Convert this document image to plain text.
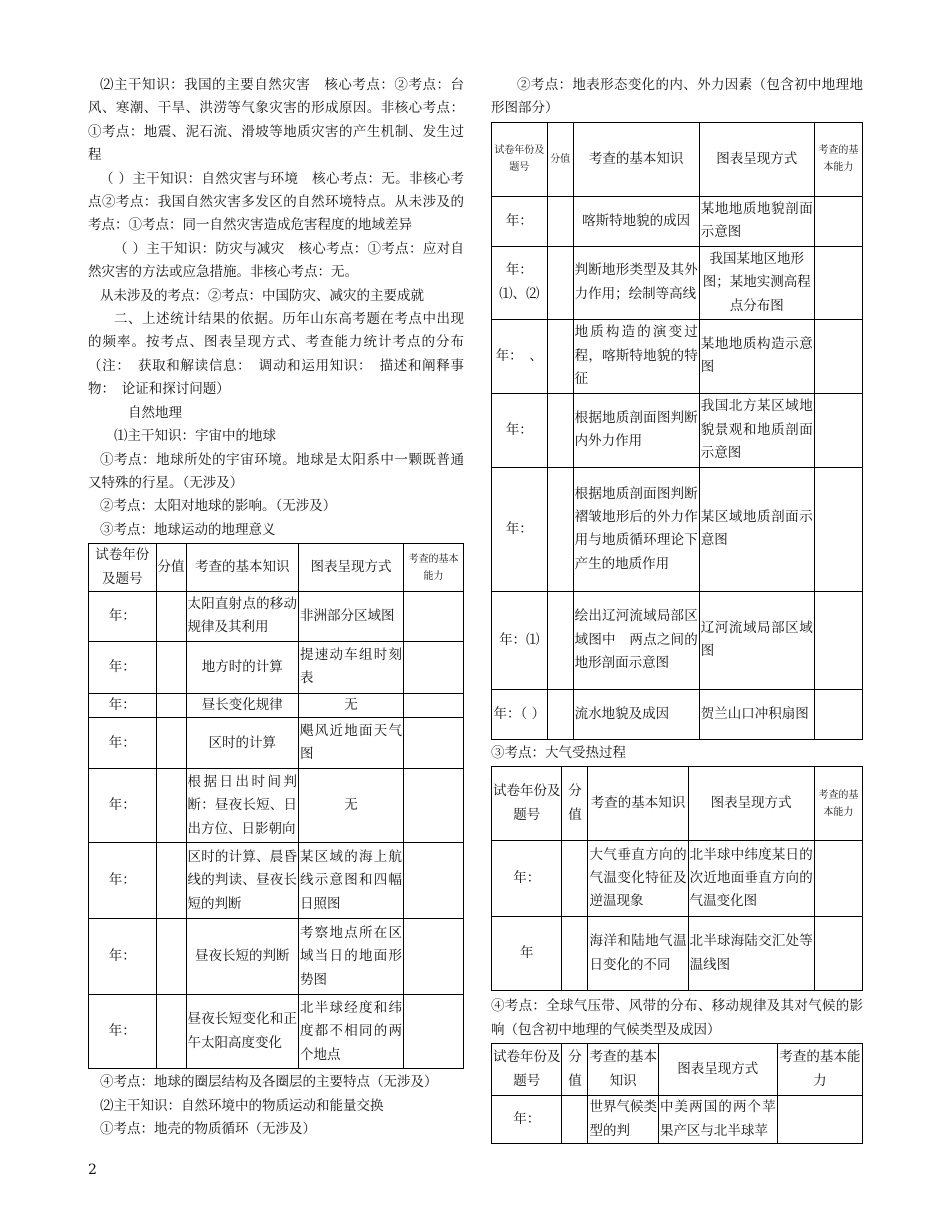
⑵主干知识：我国的主要自然灾害　核心考点：②考点：台风、寒潮、干旱、洪涝等气象灾害的形成原因。非核心考点：①考点：地震、泥石流、滑坡等地质灾害的产生机制、发生过程

（ ）主干知识：自然灾害与环境　核心考点：无。非核心考点②考点：我国自然灾害多发区的自然环境特点。从未涉及的考点：①考点：同一自然灾害造成危害程度的地域差异

（ ）主干知识：防灾与减灾　核心考点：①考点：应对自然灾害的方法或应急措施。非核心考点：无。

从未涉及的考点：②考点：中国防灾、减灾的主要成就

二、上述统计结果的依据。历年山东高考题在考点中出现的频率。按考点、图表呈现方式、考查能力统计考点的分布（注：　获取和解读信息：　调动和运用知识：　描述和阐释事物：　论证和探讨问题）

自然地理

⑴主干知识：宇宙中的地球

①考点：地球所处的宇宙环境。地球是太阳系中一颗既普通又特殊的行星。（无涉及）

②考点：太阳对地球的影响。（无涉及）

③考点：地球运动的地理意义

试卷年份及题号	分值	考查的基本知识	图表呈现方式	考查的基本能力
年：		太阳直射点的移动规律及其利用	非洲部分区域图	
年：		地方时的计算	提速动车组时刻表	
年：		昼长变化规律	无	
年：		区时的计算	飓风近地面天气图	
年：		根据日出时间判断：昼夜长短、日出方位、日影朝向	无	
年：		区时的计算、晨昏线的判读、昼夜长短的判断	某区域的海上航线示意图和四幅日照图	
年：		昼夜长短的判断	考察地点所在区域当日的地面形势图	
年：		昼夜长短变化和正午太阳高度变化	北半球经度和纬度都不相同的两个地点	

④考点：地球的圈层结构及各圈层的主要特点（无涉及）

⑵主干知识：自然环境中的物质运动和能量交换

①考点：地壳的物质循环（无涉及）

②考点：地表形态变化的内、外力因素（包含初中地理地形图部分）

试卷年份及题号	分值	考查的基本知识	图表呈现方式	考查的基本能力
年：		喀斯特地貌的成因	某地地质地貌剖面示意图	
年：⑴、⑵		判断地形类型及其外力作用；绘制等高线	我国某地区地形图；某地实测高程点分布图	
年：　、		地质构造的演变过程，喀斯特地貌的特征	某地地质构造示意图	
年：		根据地质剖面图判断内外力作用	我国北方某区域地貌景观和地质剖面示意图	
年：		根据地质剖面图判断褶皱地形后的外力作用与地质循环理论下产生的地质作用	某区域地质剖面示意图	
年：⑴		绘出辽河流域局部区域图中　两点之间的地形剖面示意图	辽河流域局部区域图	
年：（ ）		流水地貌及成因	贺兰山口冲积扇图	

③考点：大气受热过程

试卷年份及题号	分值	考查的基本知识	图表呈现方式	考查的基本能力
年：		大气垂直方向的气温变化特征及逆温现象	北半球中纬度某日的 次近地面垂直方向的气温变化图	
年		海洋和陆地气温日变化的不同	北半球海陆交汇处等温线图	

④考点：全球气压带、风带的分布、移动规律及其对气候的影响（包含初中地理的气候类型及成因）

试卷年份及题号	分值	考查的基本知识	图表呈现方式	考查的基本能力
年：		世界气候类型的判	中美两国的两个苹果产区与北半球苹	
2
